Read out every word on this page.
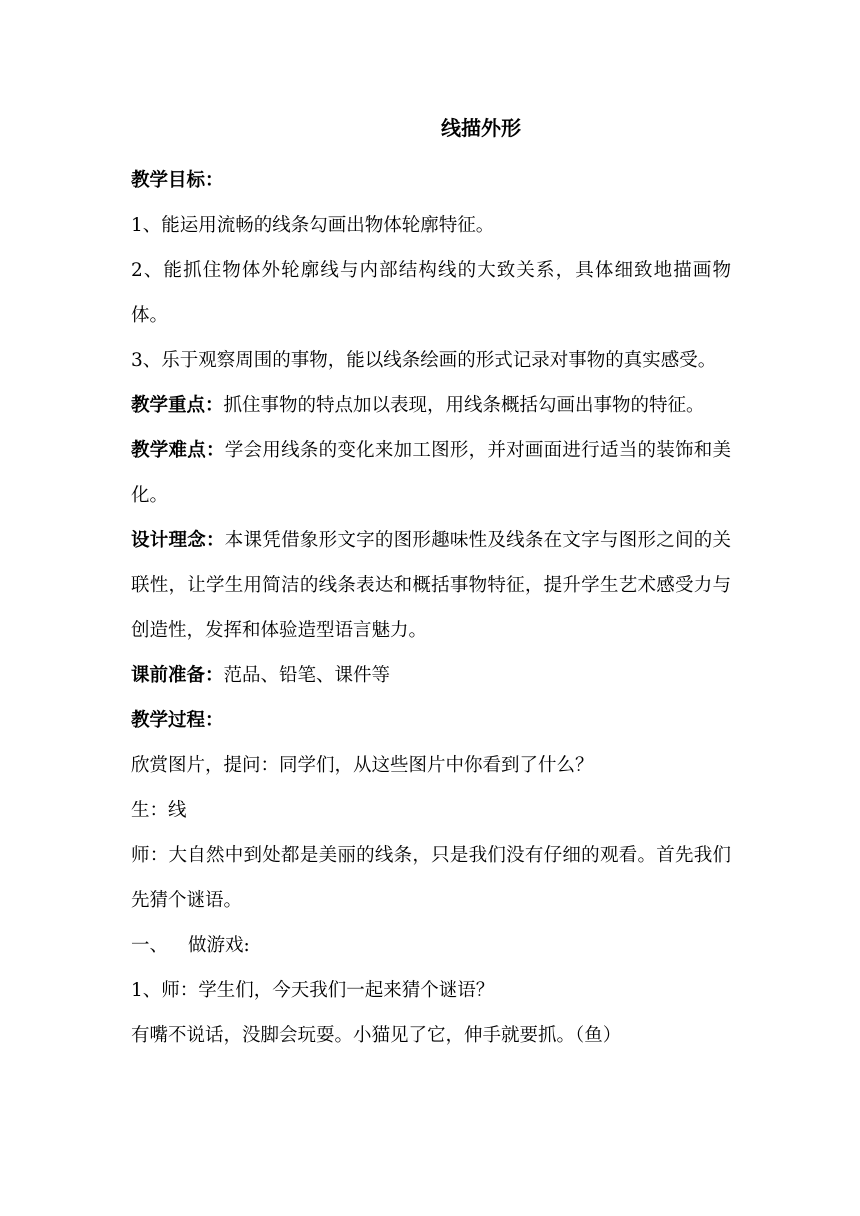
线描外形

教学目标：

1、能运用流畅的线条勾画出物体轮廓特征。

2、能抓住物体外轮廓线与内部结构线的大致关系，具体细致地描画物体。

3、乐于观察周围的事物，能以线条绘画的形式记录对事物的真实感受。

教学重点：抓住事物的特点加以表现，用线条概括勾画出事物的特征。

教学难点：学会用线条的变化来加工图形，并对画面进行适当的装饰和美化。

设计理念：本课凭借象形文字的图形趣味性及线条在文字与图形之间的关联性，让学生用简洁的线条表达和概括事物特征，提升学生艺术感受力与创造性，发挥和体验造型语言魅力。

课前准备：范品、铅笔、课件等

教学过程：

欣赏图片，提问：同学们，从这些图片中你看到了什么？

生：线

师：大自然中到处都是美丽的线条，只是我们没有仔细的观看。首先我们先猜个谜语。

一、 做游戏:

1、师：学生们，今天我们一起来猜个谜语？

有嘴不说话，没脚会玩耍。小猫见了它，伸手就要抓。（鱼）
